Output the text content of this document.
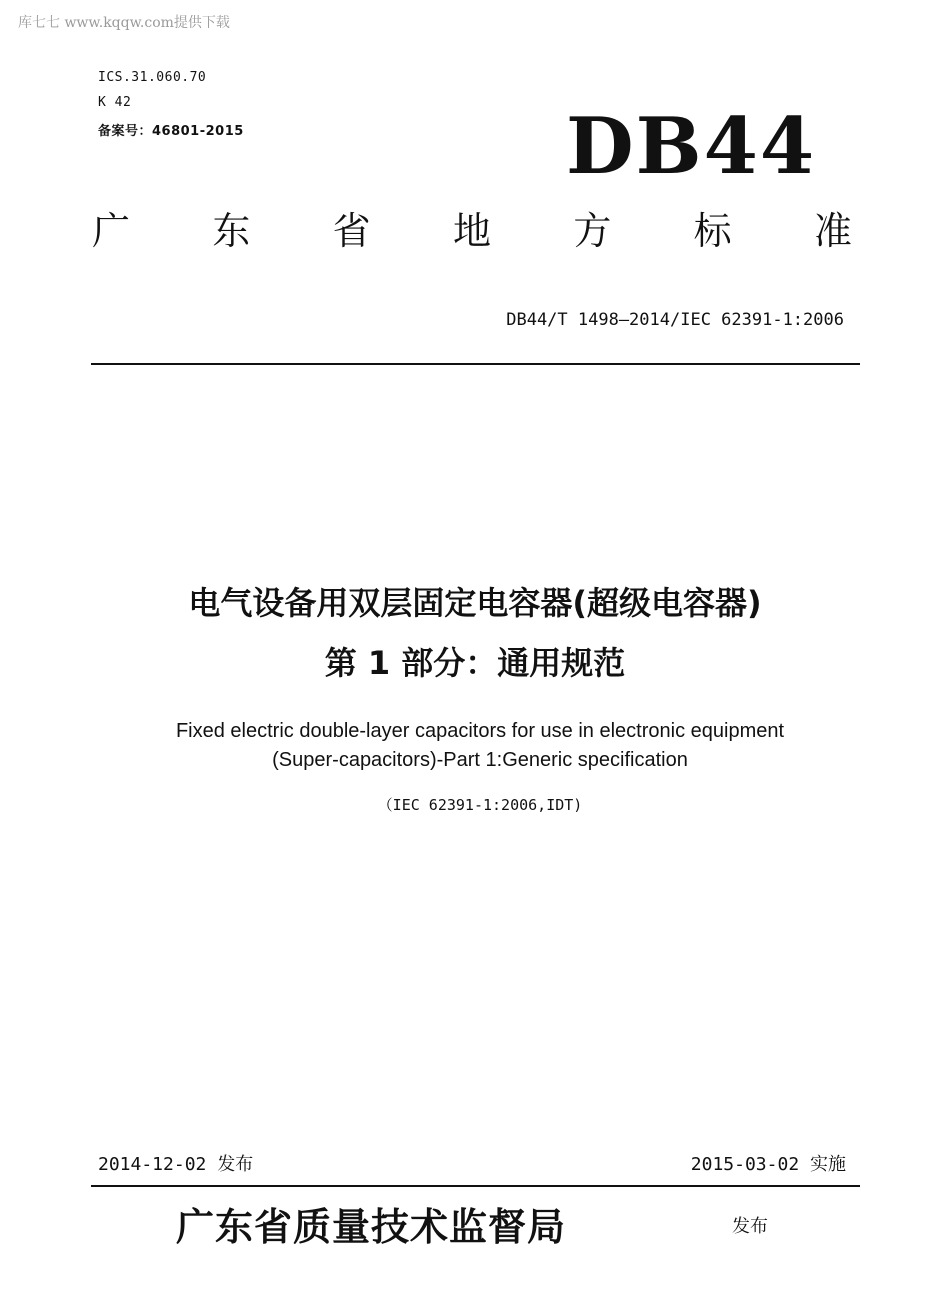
库七七 www.kqqw.com提供下载
ICS.31.060.70
K 42
备案号：46801-2015	DB44
广 东 省 地 方 标 准
DB44/T 1498—2014/IEC 62391-1:2006
电气设备用双层固定电容器(超级电容器)
第 1 部分：通用规范
Fixed electric double-layer capacitors for use in electronic equipment
(Super-capacitors)-Part 1:Generic specification
（IEC 62391-1:2006,IDT)
2014-12-02 发布	2015-03-02 实施
广东省质量技术监督局	发布
